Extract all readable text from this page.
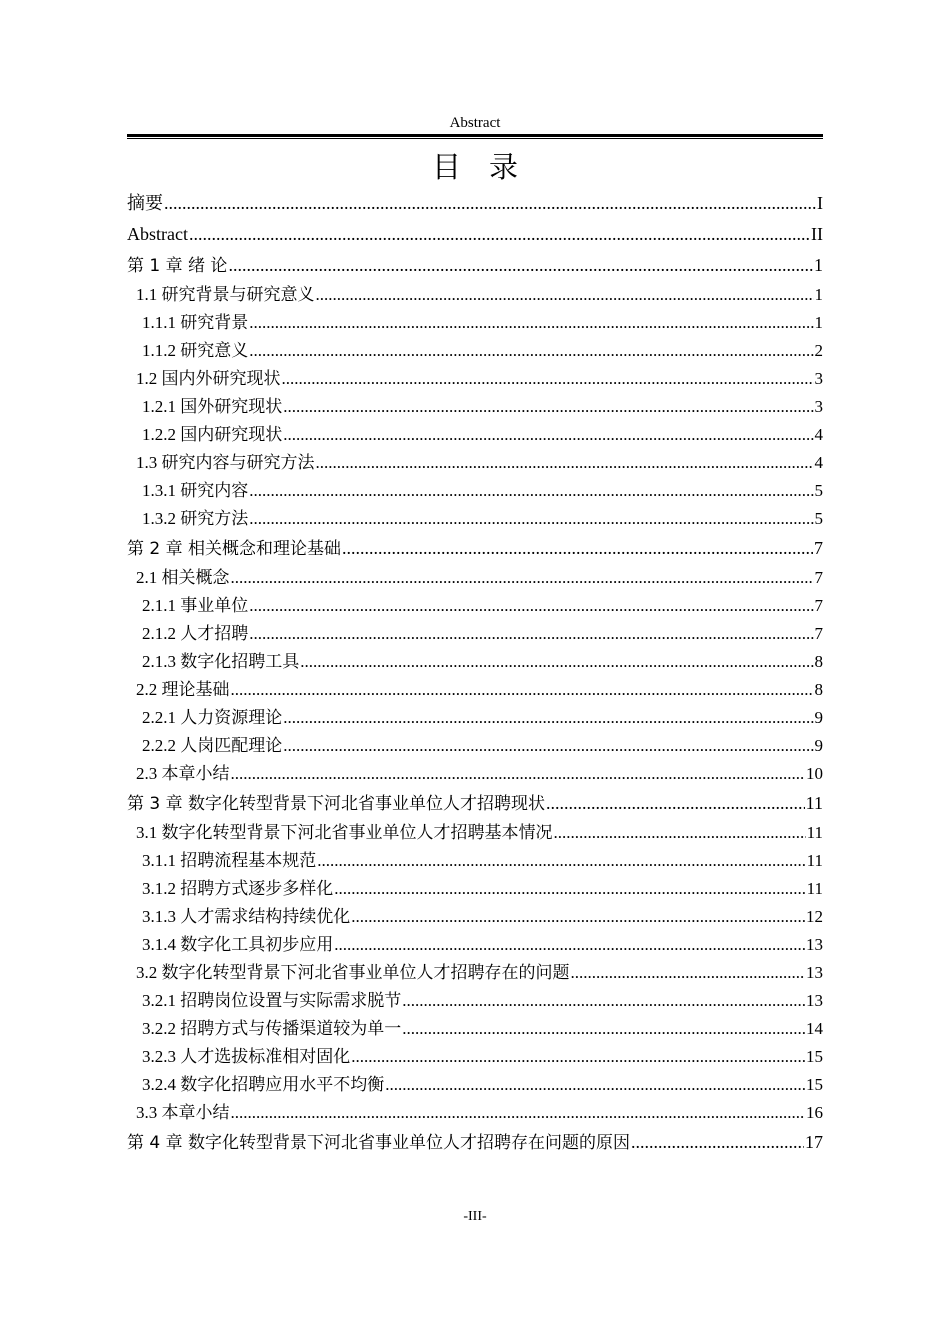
Abstract
目录
摘要 .....	I
Abstract .....	II
第 1 章 绪 论 .....	1
1.1 研究背景与研究意义 .....	1
1.1.1 研究背景 .....	1
1.1.2 研究意义 .....	2
1.2 国内外研究现状 .....	3
1.2.1 国外研究现状 .....	3
1.2.2 国内研究现状 .....	4
1.3 研究内容与研究方法 .....	4
1.3.1 研究内容 .....	5
1.3.2 研究方法 .....	5
第 2 章 相关概念和理论基础 .....	7
2.1 相关概念 .....	7
2.1.1 事业单位 .....	7
2.1.2 人才招聘 .....	7
2.1.3 数字化招聘工具 .....	8
2.2 理论基础 .....	8
2.2.1 人力资源理论 .....	9
2.2.2 人岗匹配理论 .....	9
2.3 本章小结 .....	10
第 3 章 数字化转型背景下河北省事业单位人才招聘现状 .....	11
3.1 数字化转型背景下河北省事业单位人才招聘基本情况 .....	11
3.1.1 招聘流程基本规范 .....	11
3.1.2 招聘方式逐步多样化 .....	11
3.1.3 人才需求结构持续优化 .....	12
3.1.4 数字化工具初步应用 .....	13
3.2 数字化转型背景下河北省事业单位人才招聘存在的问题 .....	13
3.2.1 招聘岗位设置与实际需求脱节 .....	13
3.2.2 招聘方式与传播渠道较为单一 .....	14
3.2.3 人才选拔标准相对固化 .....	15
3.2.4 数字化招聘应用水平不均衡 .....	15
3.3 本章小结 .....	16
第 4 章 数字化转型背景下河北省事业单位人才招聘存在问题的原因 .....	17
-III-
